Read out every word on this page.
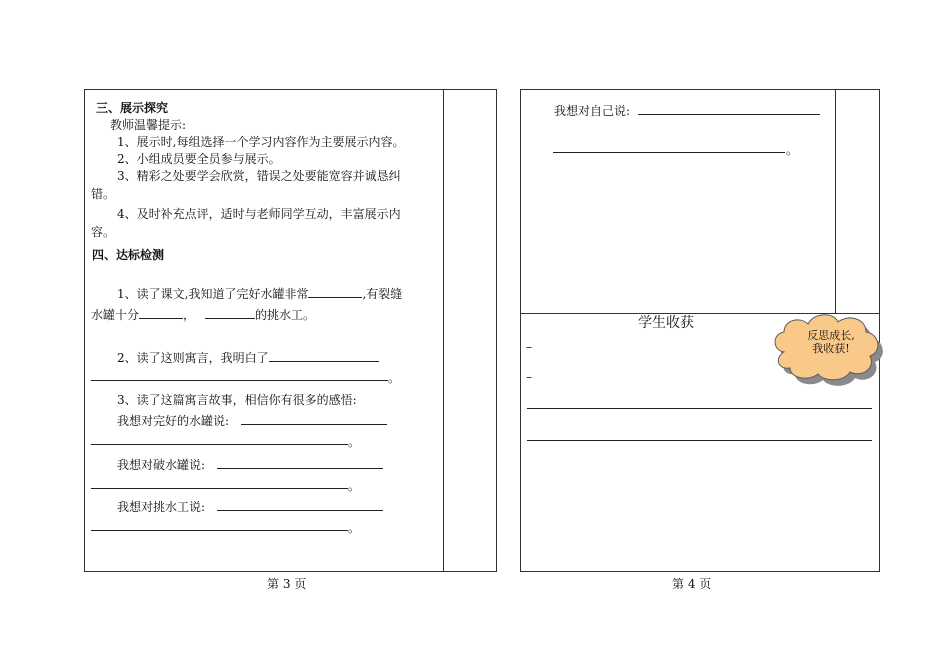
三、展示探究
教师温馨提示:
1、展示时,每组选择一个学习内容作为主要展示内容。
2、小组成员要全员参与展示。
3、精彩之处要学会欣赏，错误之处要能宽容并诚恳纠
错。
4、及时补充点评，适时与老师同学互动，丰富展示内
容。
四、达标检测
1、读了课文,我知道了完好水罐非常	,有裂缝
水罐十分	，	的挑水工。
2、读了这则寓言，我明白了
。
3、读了这篇寓言故事，相信你有很多的感悟:
我想对完好的水罐说:
。
我想对破水罐说:
。
我想对挑水工说:
。
第 3 页
我想对自己说:
。
学生收获
–
–
反思成长,
我收获!
第 4 页
